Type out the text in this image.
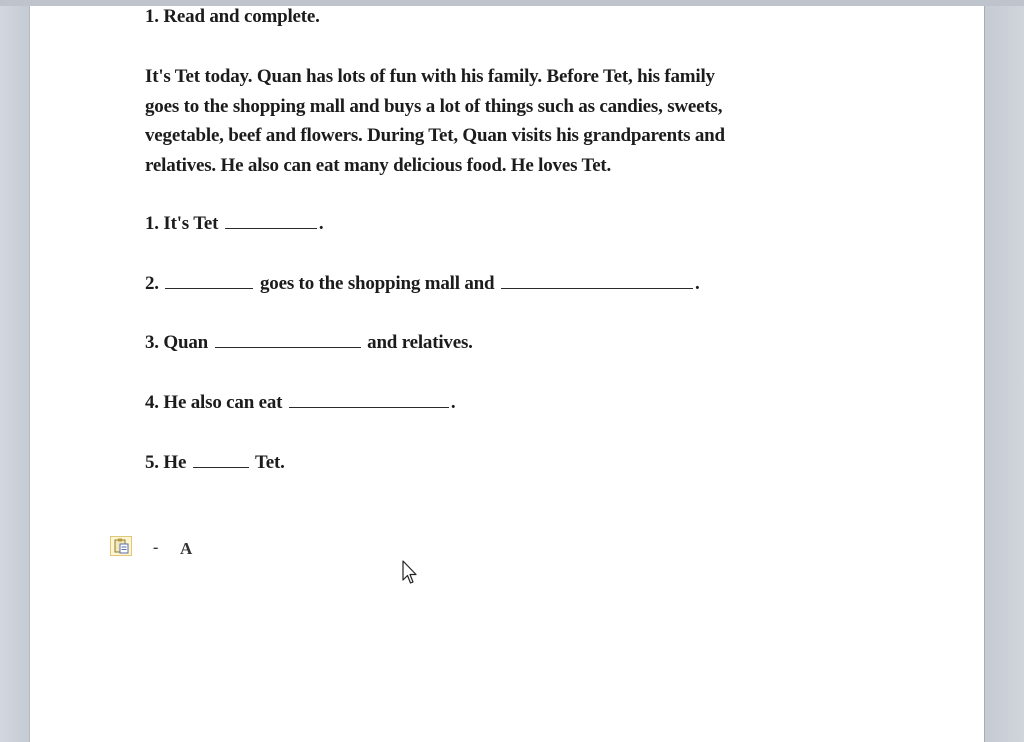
1. Read and complete.
It's Tet today. Quan has lots of fun with his family. Before Tet, his family
goes to the shopping mall and buys a lot of things such as candies, sweets,
vegetable, beef and flowers. During Tet, Quan visits his grandparents and
relatives. He also can eat many delicious food. He loves Tet.
1. It's Tet	.
2.	goes to the shopping mall and	.
3. Quan	and relatives.
4. He also can eat	.
5. He	Tet.
- A
